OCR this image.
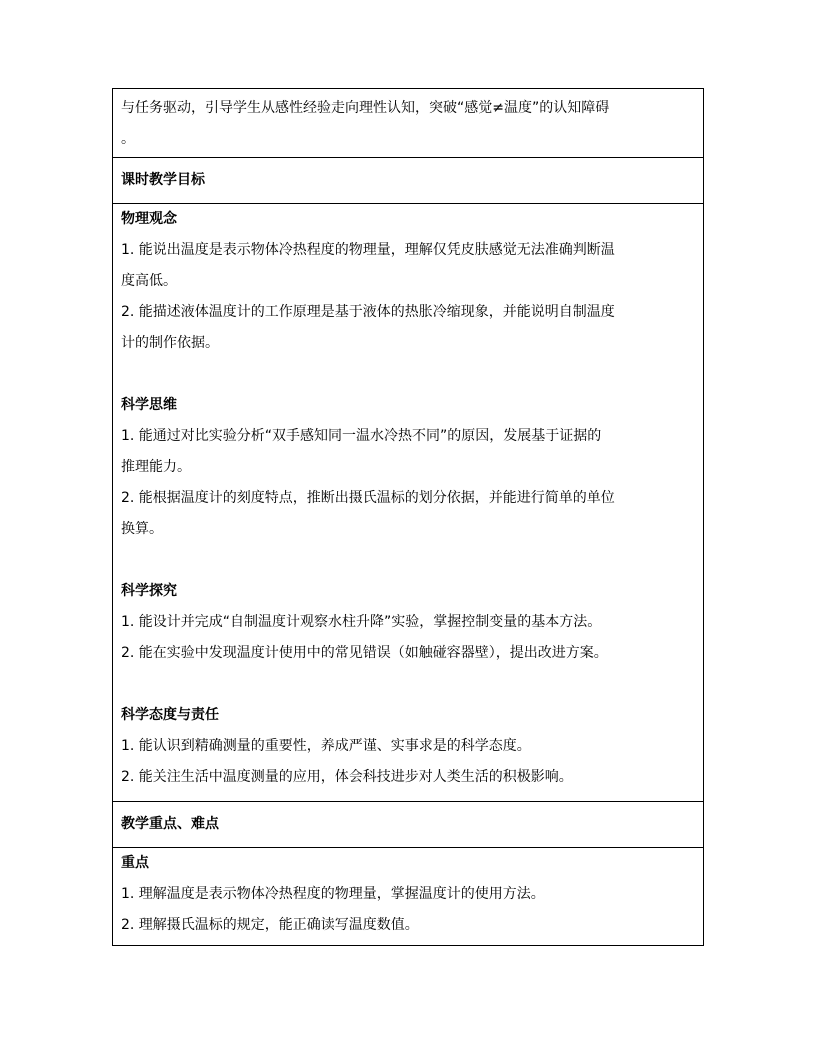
与任务驱动，引导学生从感性经验走向理性认知，突破“感觉≠温度”的认知障碍
。
课时教学目标
物理观念
1. 能说出温度是表示物体冷热程度的物理量，理解仅凭皮肤感觉无法准确判断温
度高低。
2. 能描述液体温度计的工作原理是基于液体的热胀冷缩现象，并能说明自制温度
计的制作依据。
科学思维
1. 能通过对比实验分析“双手感知同一温水冷热不同”的原因，发展基于证据的
推理能力。
2. 能根据温度计的刻度特点，推断出摄氏温标的划分依据，并能进行简单的单位
换算。
科学探究
1. 能设计并完成“自制温度计观察水柱升降”实验，掌握控制变量的基本方法。
2. 能在实验中发现温度计使用中的常见错误（如触碰容器壁），提出改进方案。
科学态度与责任
1. 能认识到精确测量的重要性，养成严谨、实事求是的科学态度。
2. 能关注生活中温度测量的应用，体会科技进步对人类生活的积极影响。
教学重点、难点
重点
1. 理解温度是表示物体冷热程度的物理量，掌握温度计的使用方法。
2. 理解摄氏温标的规定，能正确读写温度数值。
